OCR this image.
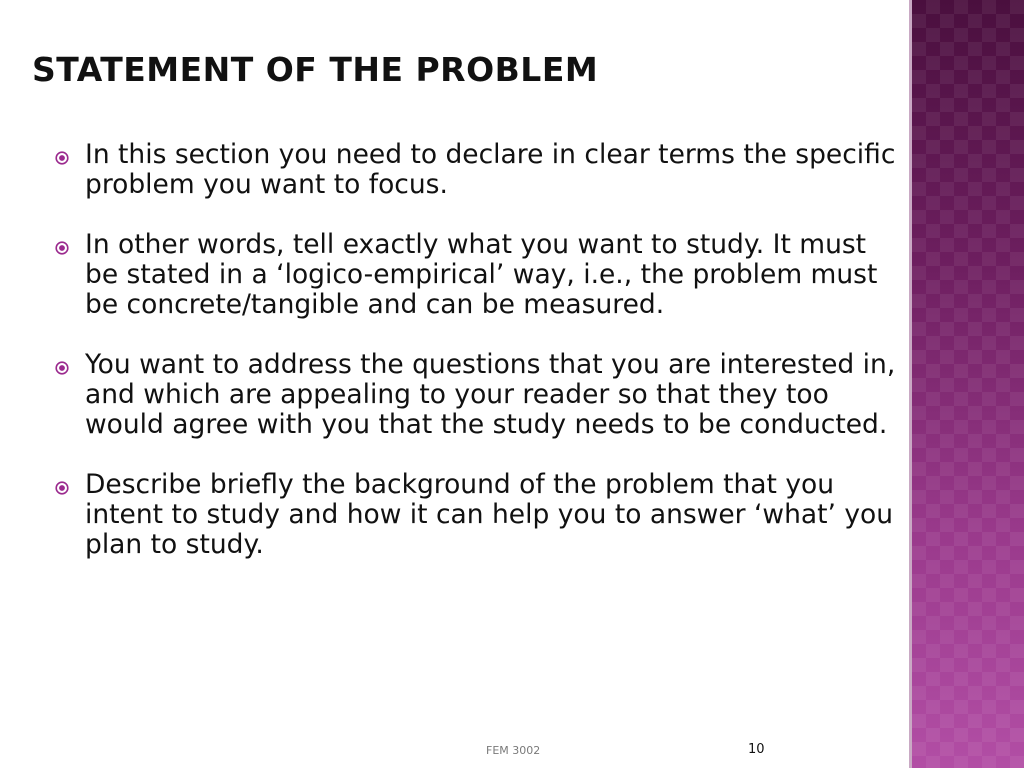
STATEMENT OF THE PROBLEM
In this section you need to declare in clear terms the specific problem you want to focus.
In other words, tell exactly what you want to study. It must be stated in a ‘logico-empirical’ way, i.e., the problem must be concrete/tangible and can be measured.
You want to address the questions that you are interested in, and which are appealing to your reader so that they too would agree with you that the study needs to be conducted.
Describe briefly the background of the problem that you intent to study and how it can help you to answer ‘what’ you plan to study.
FEM 3002	10
